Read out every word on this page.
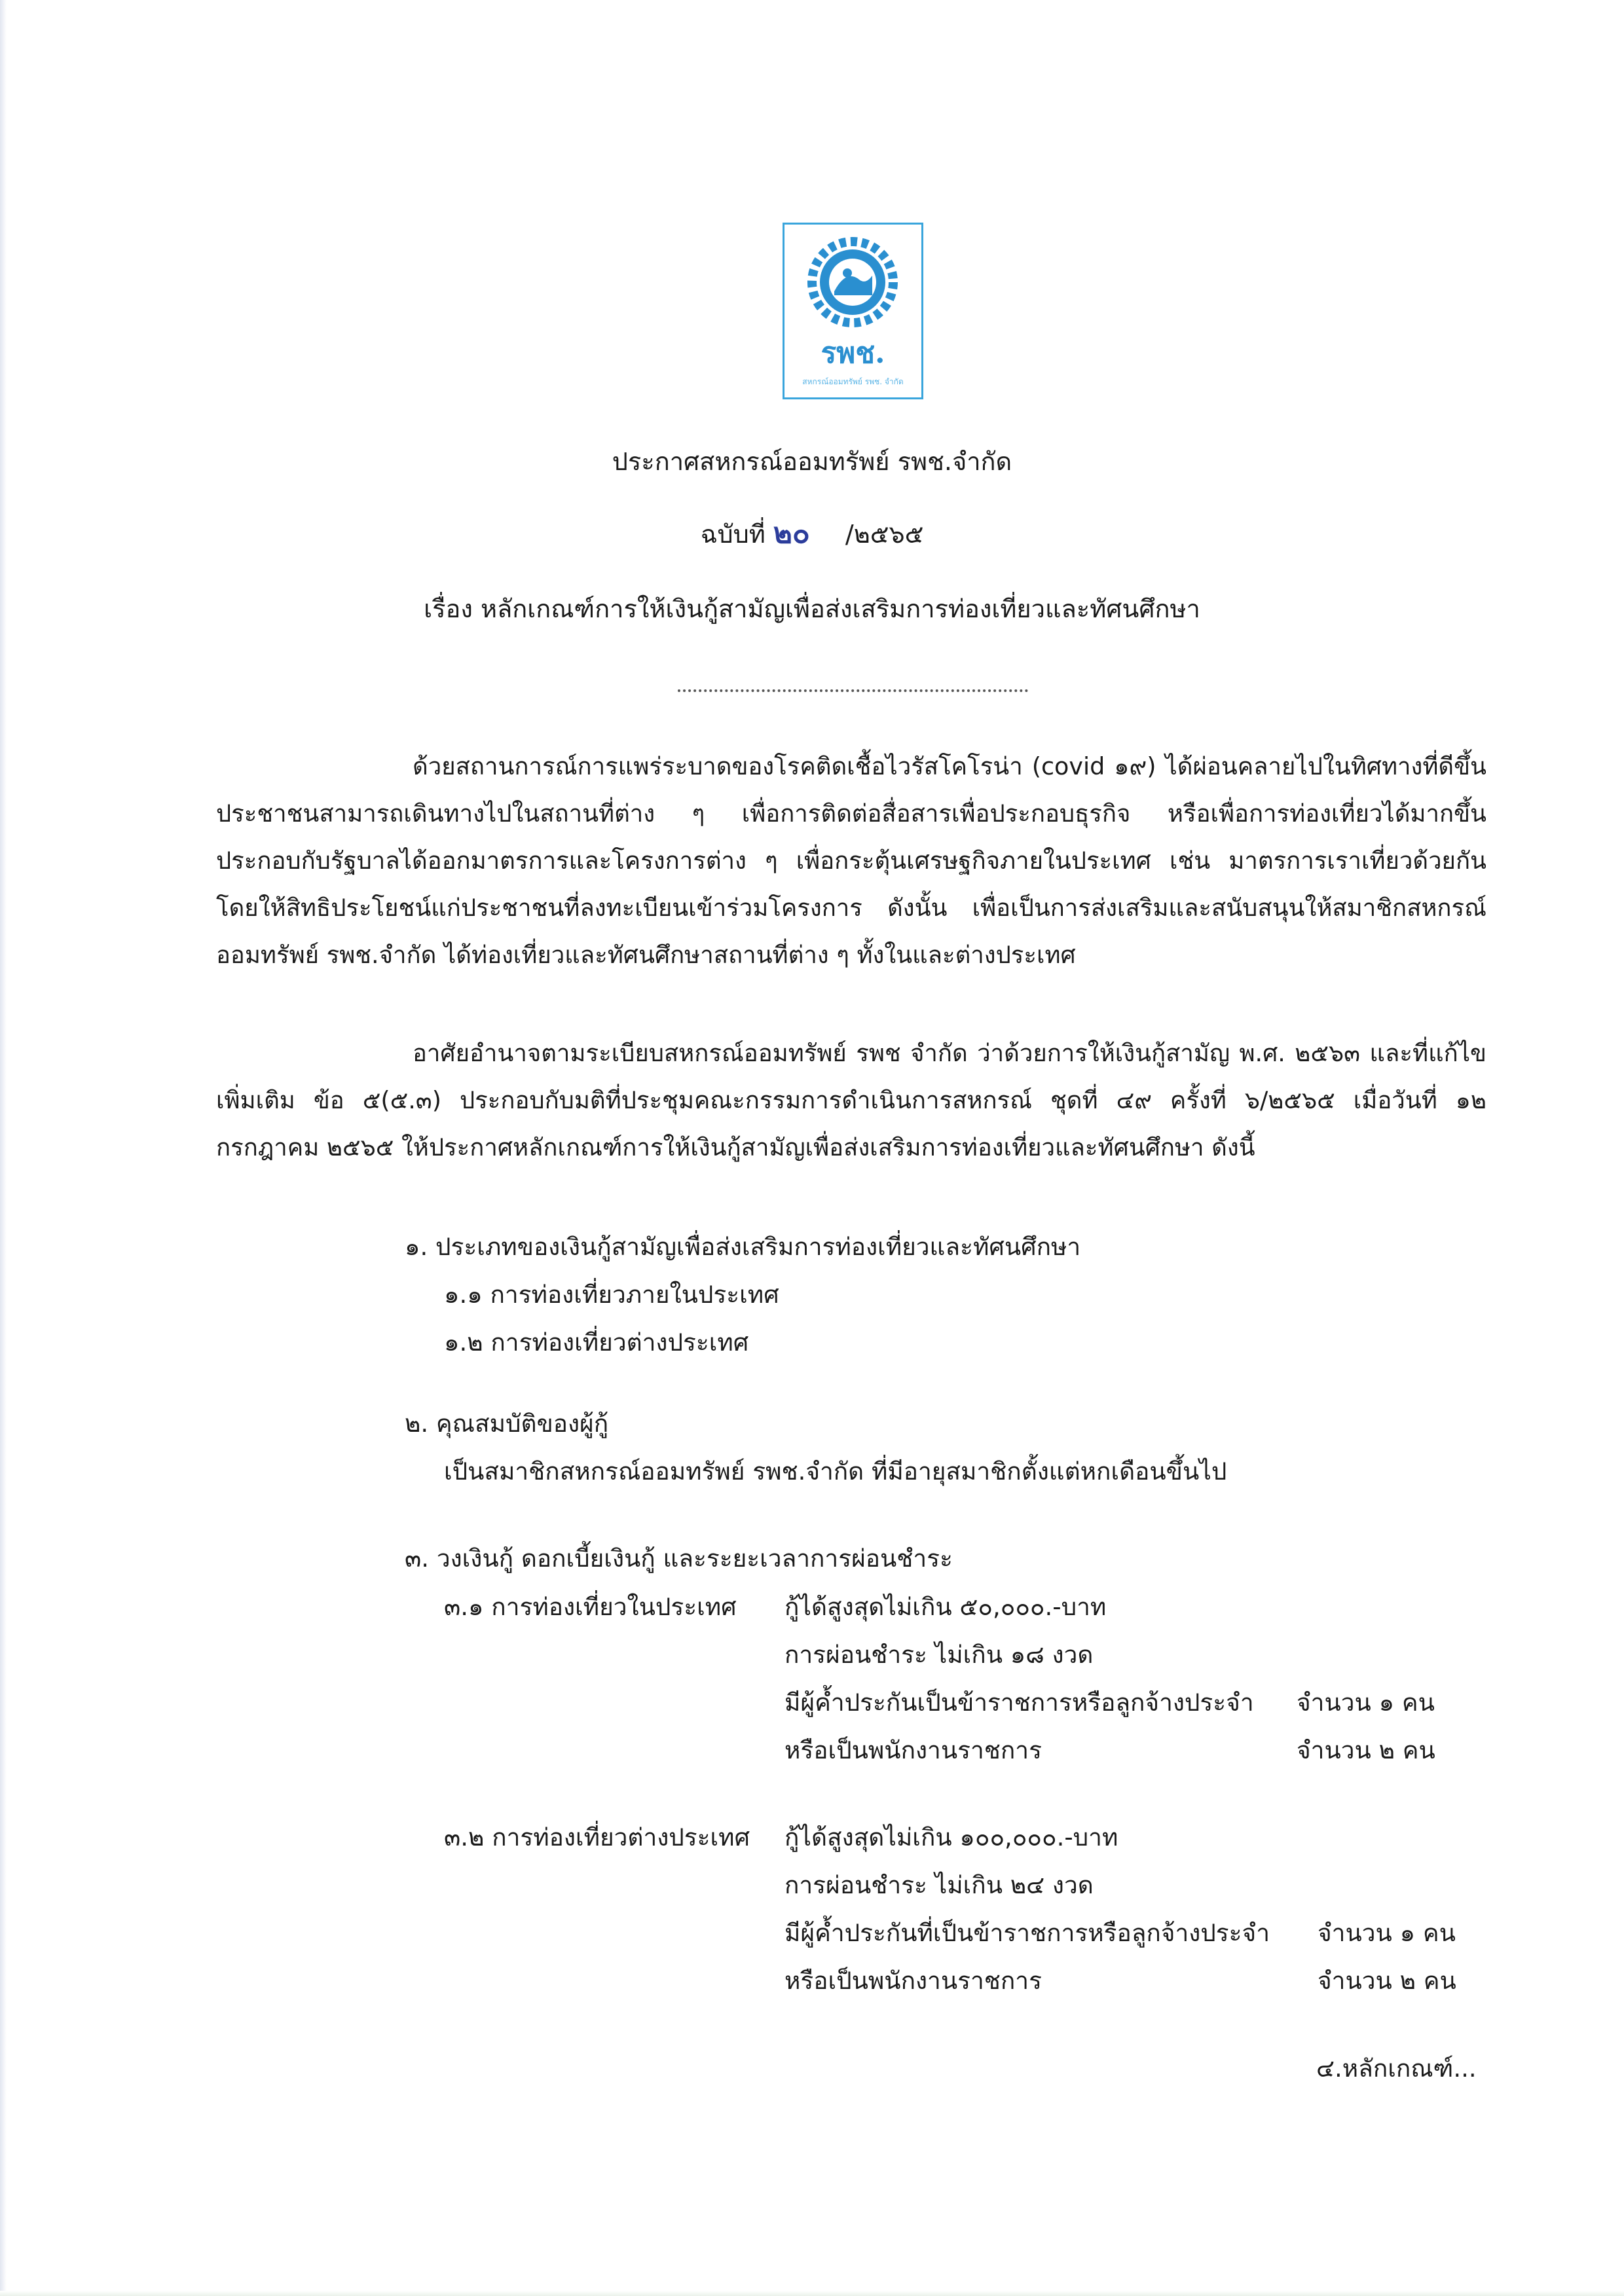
รพช.
สหกรณ์ออมทรัพย์ รพช. จำกัด
ประกาศสหกรณ์ออมทรัพย์ รพช.จำกัด
ฉบับที่ ๒๐ /๒๕๖๕
เรื่อง หลักเกณฑ์การให้เงินกู้สามัญเพื่อส่งเสริมการท่องเที่ยวและทัศนศึกษา
ด้วยสถานการณ์การแพร่ระบาดของโรคติดเชื้อไวรัสโคโรน่า (covid ๑๙) ได้ผ่อนคลายไปในทิศทางที่ดีขึ้น ประชาชนสามารถเดินทางไปในสถานที่ต่าง ๆ เพื่อการติดต่อสื่อสารเพื่อประกอบธุรกิจ หรือเพื่อการท่องเที่ยวได้มากขึ้น ประกอบกับรัฐบาลได้ออกมาตรการและโครงการต่าง ๆ เพื่อกระตุ้นเศรษฐกิจภายในประเทศ เช่น มาตรการเราเที่ยวด้วยกัน โดยให้สิทธิประโยชน์แก่ประชาชนที่ลงทะเบียนเข้าร่วมโครงการ ดังนั้น เพื่อเป็นการส่งเสริมและสนับสนุนให้สมาชิกสหกรณ์ออมทรัพย์ รพช.จำกัด ได้ท่องเที่ยวและทัศนศึกษาสถานที่ต่าง ๆ ทั้งในและต่างประเทศ
อาศัยอำนาจตามระเบียบสหกรณ์ออมทรัพย์ รพช จำกัด ว่าด้วยการให้เงินกู้สามัญ พ.ศ. ๒๕๖๓ และที่แก้ไขเพิ่มเติม ข้อ ๕(๕.๓) ประกอบกับมติที่ประชุมคณะกรรมการดำเนินการสหกรณ์ ชุดที่ ๔๙ ครั้งที่ ๖/๒๕๖๕ เมื่อวันที่ ๑๒ กรกฎาคม ๒๕๖๕ ให้ประกาศหลักเกณฑ์การให้เงินกู้สามัญเพื่อส่งเสริมการท่องเที่ยวและทัศนศึกษา ดังนี้
๑. ประเภทของเงินกู้สามัญเพื่อส่งเสริมการท่องเที่ยวและทัศนศึกษา
๑.๑ การท่องเที่ยวภายในประเทศ
๑.๒ การท่องเที่ยวต่างประเทศ
๒. คุณสมบัติของผู้กู้
เป็นสมาชิกสหกรณ์ออมทรัพย์ รพช.จำกัด ที่มีอายุสมาชิกตั้งแต่หกเดือนขึ้นไป
๓. วงเงินกู้ ดอกเบี้ยเงินกู้ และระยะเวลาการผ่อนชำระ
๓.๑ การท่องเที่ยวในประเทศ กู้ได้สูงสุดไม่เกิน ๕๐,๐๐๐.-บาท
การผ่อนชำระ ไม่เกิน ๑๘ งวด
มีผู้ค้ำประกันเป็นข้าราชการหรือลูกจ้างประจำ จำนวน ๑ คน
หรือเป็นพนักงานราชการ	จำนวน ๒ คน
๓.๒ การท่องเที่ยวต่างประเทศ กู้ได้สูงสุดไม่เกิน ๑๐๐,๐๐๐.-บาท
การผ่อนชำระ ไม่เกิน ๒๔ งวด
มีผู้ค้ำประกันที่เป็นข้าราชการหรือลูกจ้างประจำ จำนวน ๑ คน
หรือเป็นพนักงานราชการ	จำนวน ๒ คน
๔.หลักเกณฑ์...
